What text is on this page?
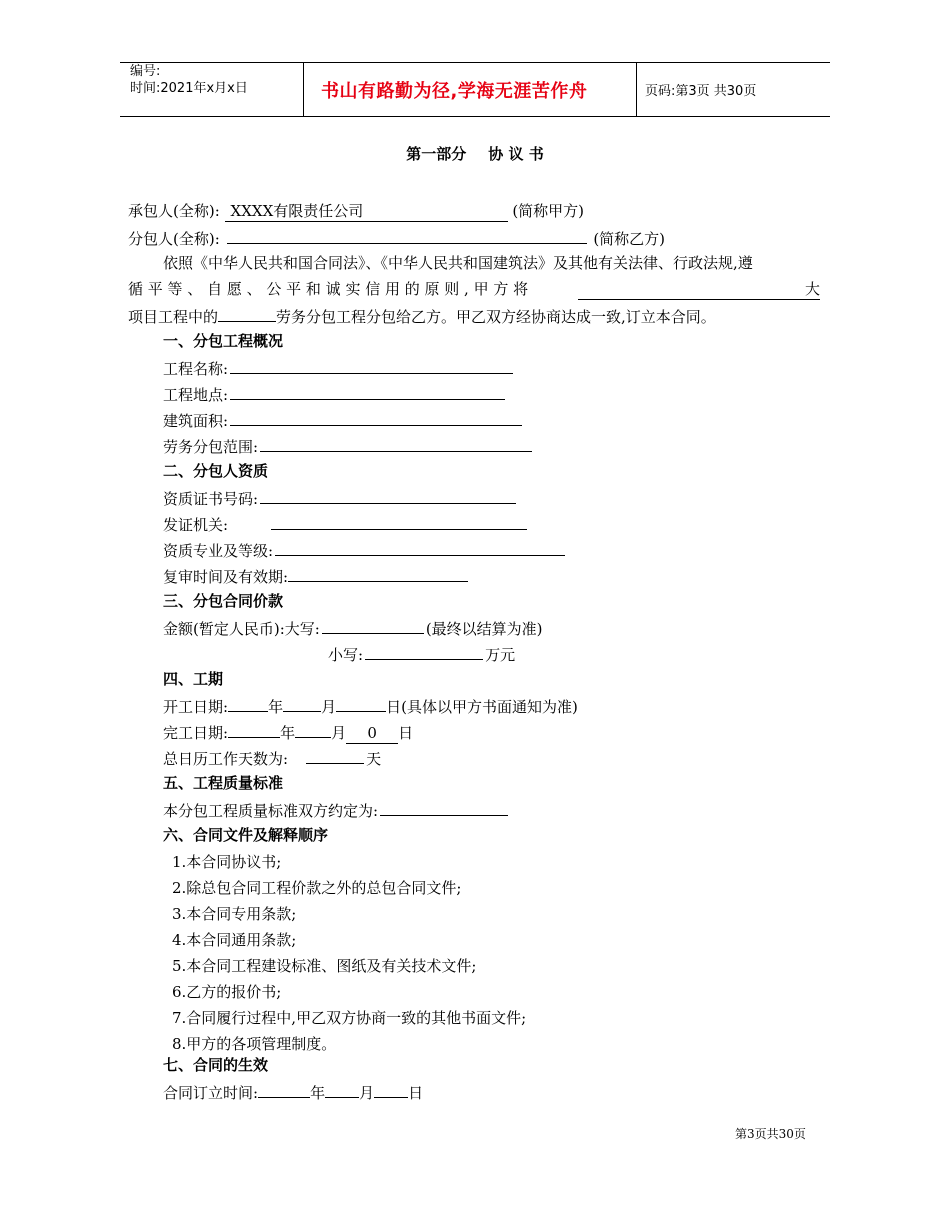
编号:
时间:2021年x月x日	书山有路勤为径,学海无涯苦作舟	页码:第3页 共30页
第一部分 协 议 书
承包人(全称): XXXX有限责任公司	(简称甲方)
分包人(全称):	(简称乙方)
依照《中华人民共和国合同法》、《中华人民共和国建筑法》及其他有关法律、行政法规,遵
循 平 等 、 自 愿 、 公 平 和 诚 实 信 用 的 原 则 , 甲 方 将	大
项目工程中的	劳务分包工程分包给乙方。甲乙双方经协商达成一致,订立本合同。
一、分包工程概况
工程名称:
工程地点:
建筑面积:
劳务分包范围:
二、分包人资质
资质证书号码:
发证机关:
资质专业及等级:
复审时间及有效期:
三、分包合同价款
金额(暂定人民币):大写:	(最终以结算为准)
小写:	万元
四、工期
开工日期:	年	月	日(具体以甲方书面通知为准)
完工日期:	年 月 0 日
总日历工作天数为:	天
五、工程质量标准
本分包工程质量标准双方约定为:
六、合同文件及解释顺序
1.本合同协议书;
2.除总包合同工程价款之外的总包合同文件;
3.本合同专用条款;
4.本合同通用条款;
5.本合同工程建设标准、图纸及有关技术文件;
6.乙方的报价书;
7.合同履行过程中,甲乙双方协商一致的其他书面文件;
8.甲方的各项管理制度。
七、合同的生效
合同订立时间:	年 月 日
第3页共30页
